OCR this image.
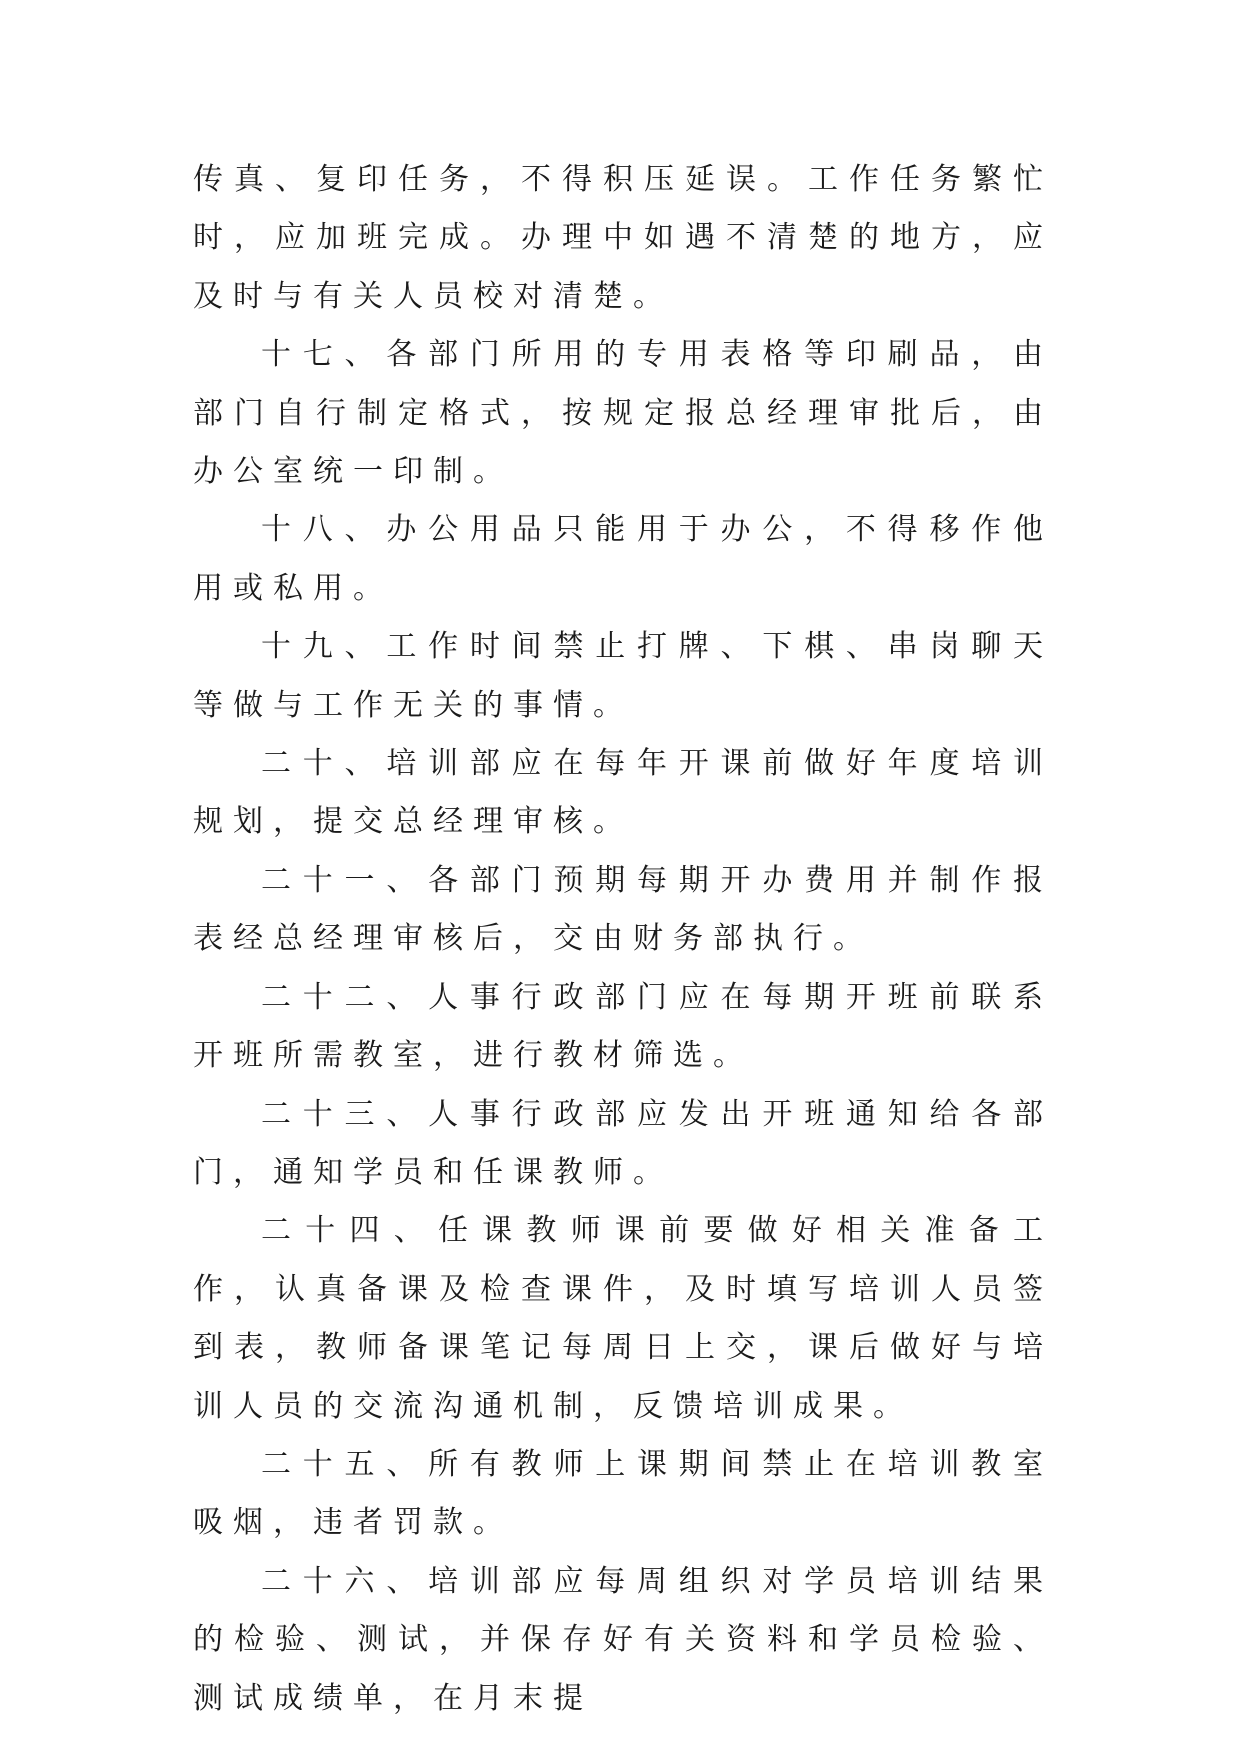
传真、复印任务，不得积压延误。工作任务繁忙时，应加班完成。办理中如遇不清楚的地方，应及时与有关人员校对清楚。

十七、各部门所用的专用表格等印刷品，由部门自行制定格式，按规定报总经理审批后，由办公室统一印制。

十八、办公用品只能用于办公，不得移作他用或私用。

十九、工作时间禁止打牌、下棋、串岗聊天等做与工作无关的事情。

二十、培训部应在每年开课前做好年度培训规划，提交总经理审核。

二十一、各部门预期每期开办费用并制作报表经总经理审核后，交由财务部执行。

二十二、人事行政部门应在每期开班前联系开班所需教室，进行教材筛选。

二十三、人事行政部应发出开班通知给各部门，通知学员和任课教师。

二十四、任课教师课前要做好相关准备工作，认真备课及检查课件，及时填写培训人员签到表，教师备课笔记每周日上交，课后做好与培训人员的交流沟通机制，反馈培训成果。

二十五、所有教师上课期间禁止在培训教室吸烟，违者罚款。

二十六、培训部应每周组织对学员培训结果的检验、测试，并保存好有关资料和学员检验、测试成绩单，在月末提
